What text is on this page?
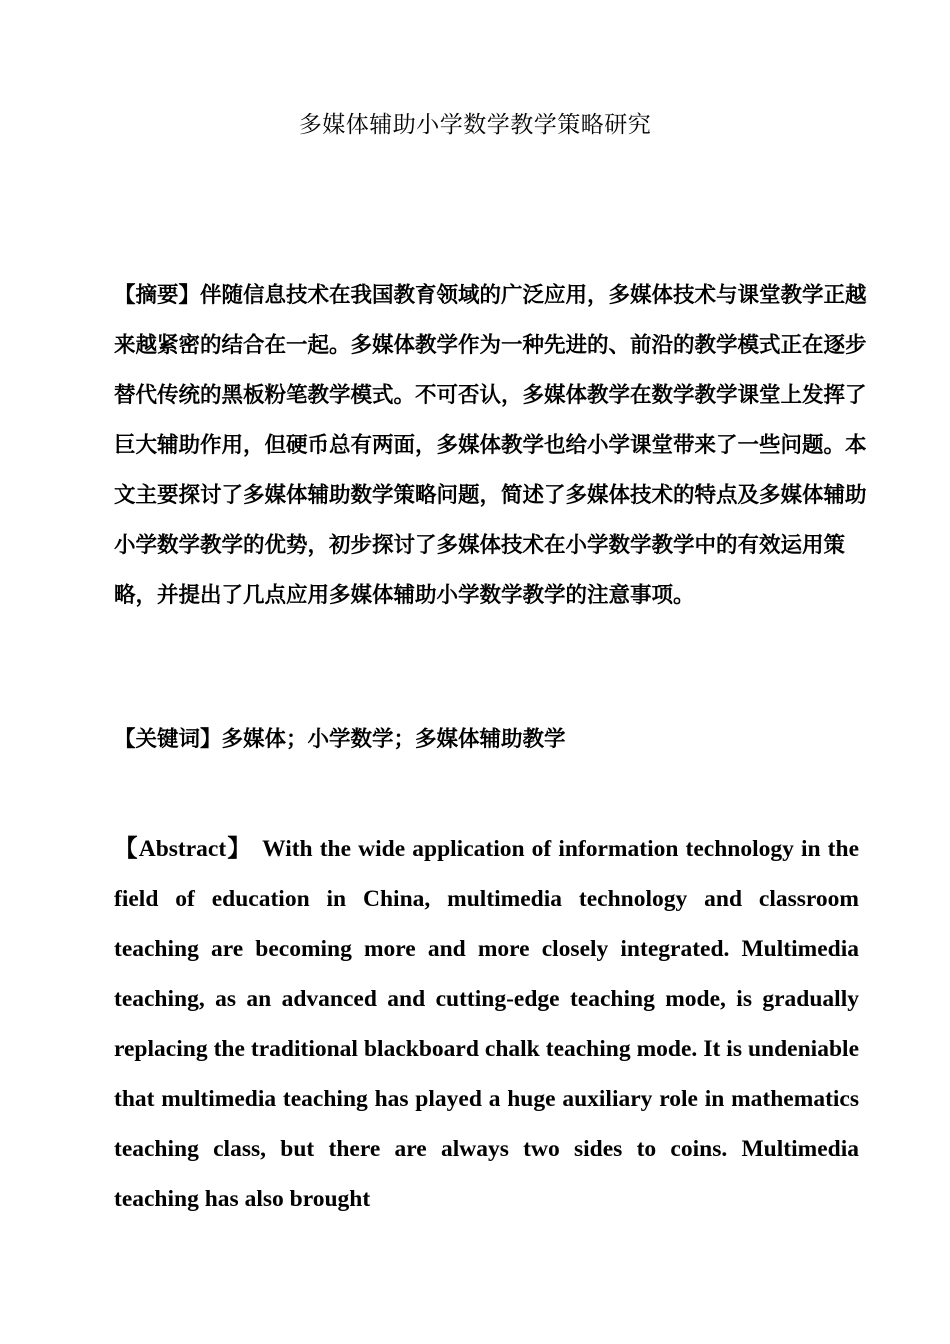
多媒体辅助小学数学教学策略研究

【摘要】伴随信息技术在我国教育领域的广泛应用，多媒体技术与课堂教学正越来越紧密的结合在一起。多媒体教学作为一种先进的、前沿的教学模式正在逐步替代传统的黑板粉笔教学模式。不可否认，多媒体教学在数学教学课堂上发挥了巨大辅助作用，但硬币总有两面，多媒体教学也给小学课堂带来了一些问题。本文主要探讨了多媒体辅助数学策略问题，简述了多媒体技术的特点及多媒体辅助小学数学教学的优势，初步探讨了多媒体技术在小学数学教学中的有效运用策略，并提出了几点应用多媒体辅助小学数学教学的注意事项。

【关键词】多媒体；小学数学；多媒体辅助教学

【Abstract】 With the wide application of information technology in the field of education in China, multimedia technology and classroom teaching are becoming more and more closely integrated. Multimedia teaching, as an advanced and cutting-edge teaching mode, is gradually replacing the traditional blackboard chalk teaching mode. It is undeniable that multimedia teaching has played a huge auxiliary role in mathematics teaching class, but there are always two sides to coins. Multimedia teaching has also brought
